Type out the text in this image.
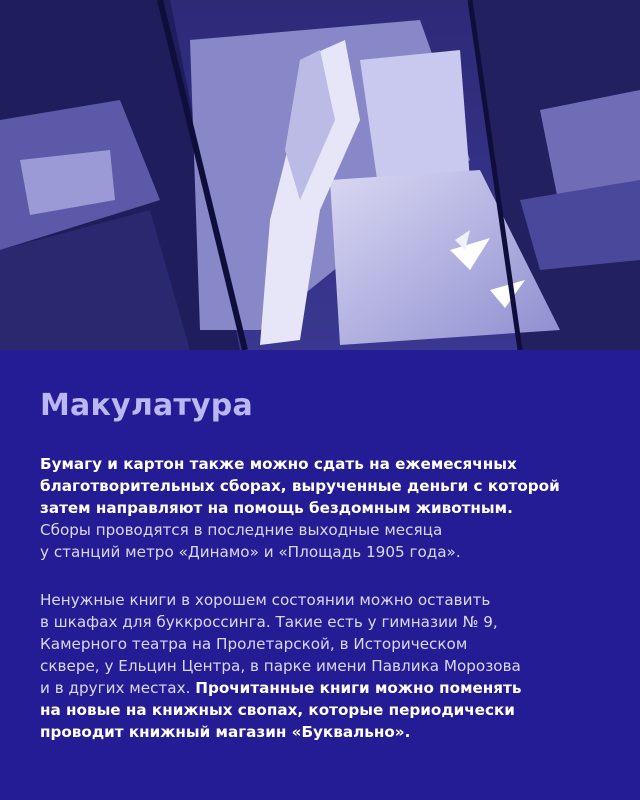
Макулатура

Бумагу и картон также можно сдать на ежемесячных
благотворительных сборах, вырученные деньги с которой
затем направляют на помощь бездомным животным.
Сборы проводятся в последние выходные месяца
у станций метро «Динамо» и «Площадь 1905 года».

Ненужные книги в хорошем состоянии можно оставить
в шкафах для буккроссинга. Такие есть у гимназии № 9,
Камерного театра на Пролетарской, в Историческом
сквере, у Ельцин Центра, в парке имени Павлика Морозова
и в других местах. Прочитанные книги можно поменять
на новые на книжных свопах, которые периодически
проводит книжный магазин «Буквально».
